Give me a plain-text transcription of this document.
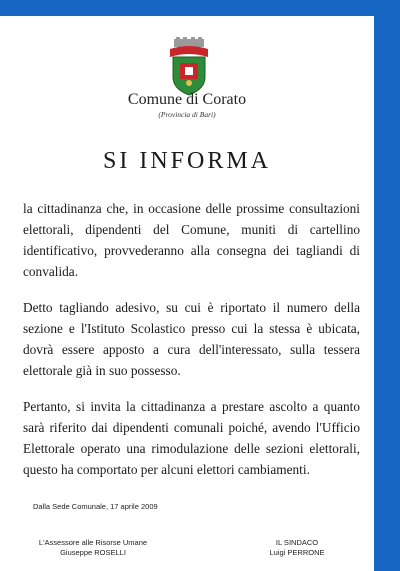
Comune di Corato
(Provincia di Bari)
SI INFORMA
la cittadinanza che, in occasione delle prossime consultazioni elettorali, dipendenti del Comune, muniti di cartellino identificativo, provvederanno alla consegna dei tagliandi di convalida.
Detto tagliando adesivo, su cui è riportato il numero della sezione e l'Istituto Scolastico presso cui la stessa è ubicata, dovrà essere apposto a cura dell'interessato, sulla tessera elettorale già in suo possesso.
Pertanto, si invita la cittadinanza a prestare ascolto a quanto sarà riferito dai dipendenti comunali poiché, avendo l'Ufficio Elettorale operato una rimodulazione delle sezioni elettorali, questo ha comportato per alcuni elettori cambiamenti.
Dalla Sede Comunale, 17 aprile 2009
L'Assessore alle Risorse Umane
Giuseppe ROSELLI
IL SINDACO
Luigi PERRONE
